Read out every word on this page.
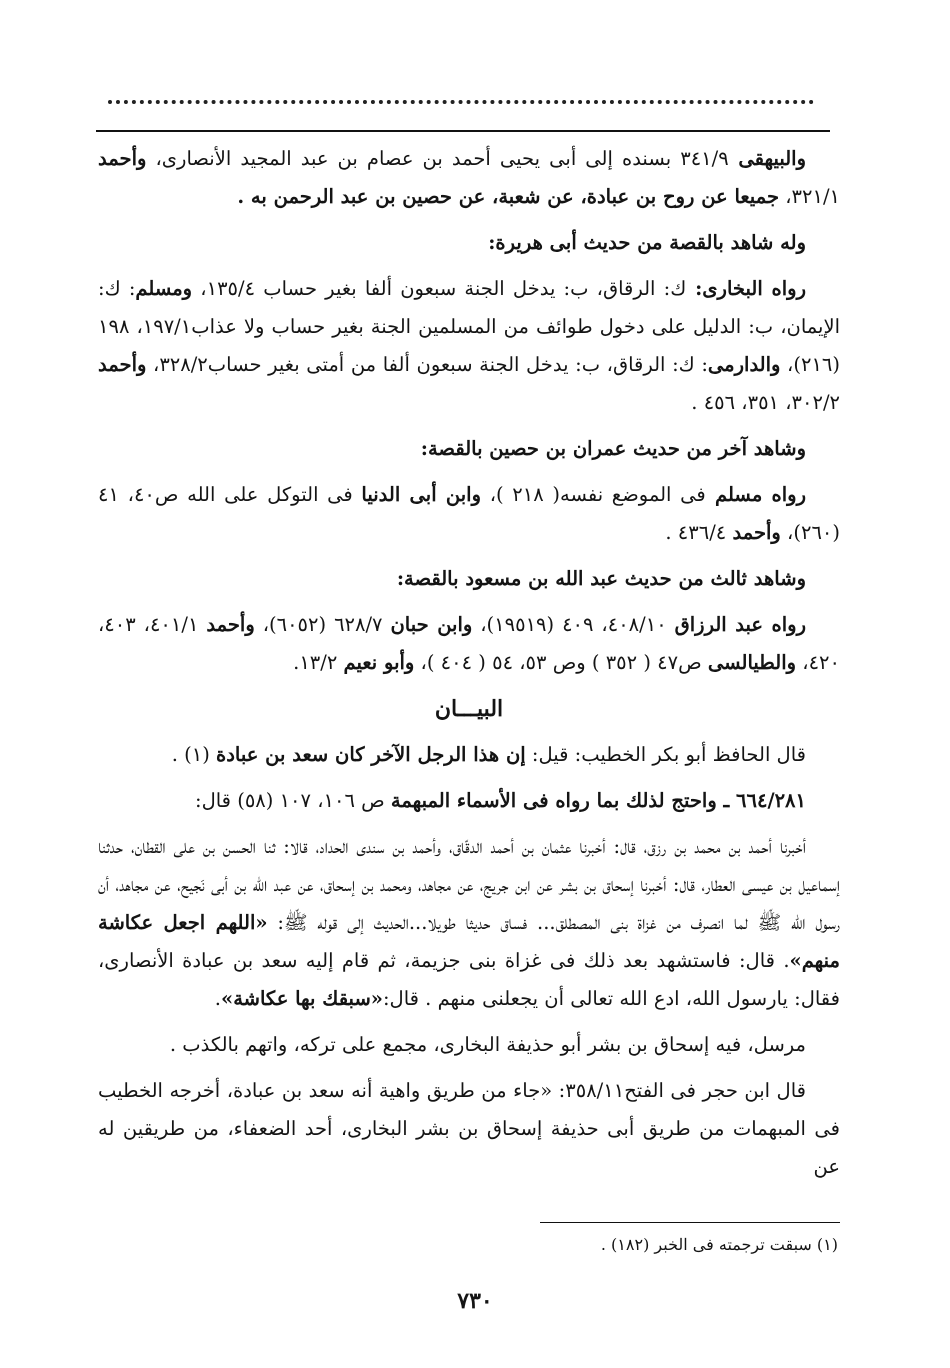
والبيهقى ٣٤١/٩ بسنده إلى أبى يحيى أحمد بن عصام بن عبد المجيد الأنصارى، وأحمد ٣٢١/١، جميعا عن روح بن عبادة، عن شعبة، عن حصين بن عبد الرحمن به .

وله شاهد بالقصة من حديث أبى هريرة:

رواه البخارى: ك: الرقاق، ب: يدخل الجنة سبعون ألفا بغير حساب ١٣٥/٤، ومسلم: ك: الإيمان، ب: الدليل على دخول طوائف من المسلمين الجنة بغير حساب ولا عذاب١٩٧/١، ١٩٨ (٢١٦)، والدارمى: ك: الرقاق، ب: يدخل الجنة سبعون ألفا من أمتى بغير حساب٣٢٨/٢، وأحمد ٣٠٢/٢، ٣٥١، ٤٥٦ .

وشاهد آخر من حديث عمران بن حصين بالقصة:

رواه مسلم فى الموضع نفسه( ٢١٨ )، وابن أبى الدنيا فى التوكل على الله ص٤٠، ٤١ (٢٦٠)، وأحمد ٤٣٦/٤ .

وشاهد ثالث من حديث عبد الله بن مسعود بالقصة:

رواه عبد الرزاق ٤٠٨/١٠، ٤٠٩ (١٩٥١٩)، وابن حبان ٦٢٨/٧ (٦٠٥٢)، وأحمد ٤٠١/١، ٤٠٣، ٤٢٠، والطيالسى ص٤٧ ( ٣٥٢ ) وص ٥٣، ٥٤ ( ٤٠٤ )، وأبو نعيم ١٣/٢.

البيـــان

قال الحافظ أبو بكر الخطيب: قيل: إن هذا الرجل الآخر كان سعد بن عبادة (١) .

٦٦٤/٢٨١ ـ واحتج لذلك بما رواه فى الأسماء المبهمة ص ١٠٦، ١٠٧ (٥٨) قال:

أخبرنا أحمد بن محمد بن رزق، قال: أخبرنا عثمان بن أحمد الدقّاق، وأحمد بن سندى الحداد، قالا: ثنا الحسن بن على القطان، حدثنا إسماعيل بن عيسى العطار، قال: أخبرنا إسحاق بن بشر عن ابن جريج، عن مجاهد، ومحمد بن إسحاق، عن عبد الله بن أبى نَجيح، عن مجاهد، أن رسول الله ﷺ لما انصرف من غزاة بنى المصطلق... فساق حديثا طويلا...الحديث إلى قوله ﷺ: «اللهم اجعل عكاشة منهم». قال: فاستشهد بعد ذلك فى غزاة بنى جزيمة، ثم قام إليه سعد بن عبادة الأنصارى، فقال: يارسول الله، ادع الله تعالى أن يجعلنى منهم . قال:«سبقك بها عكاشة».

مرسل، فيه إسحاق بن بشر أبو حذيفة البخارى، مجمع على تركه، واتهم بالكذب .

قال ابن حجر فى الفتح٣٥٨/١١: «جاء من طريق واهية أنه سعد بن عبادة، أخرجه الخطيب فى المبهمات من طريق أبى حذيفة إسحاق بن بشر البخارى، أحد الضعفاء، من طريقين له عن

(١) سبقت ترجمته فى الخبر (١٨٢) .
٧٣٠
